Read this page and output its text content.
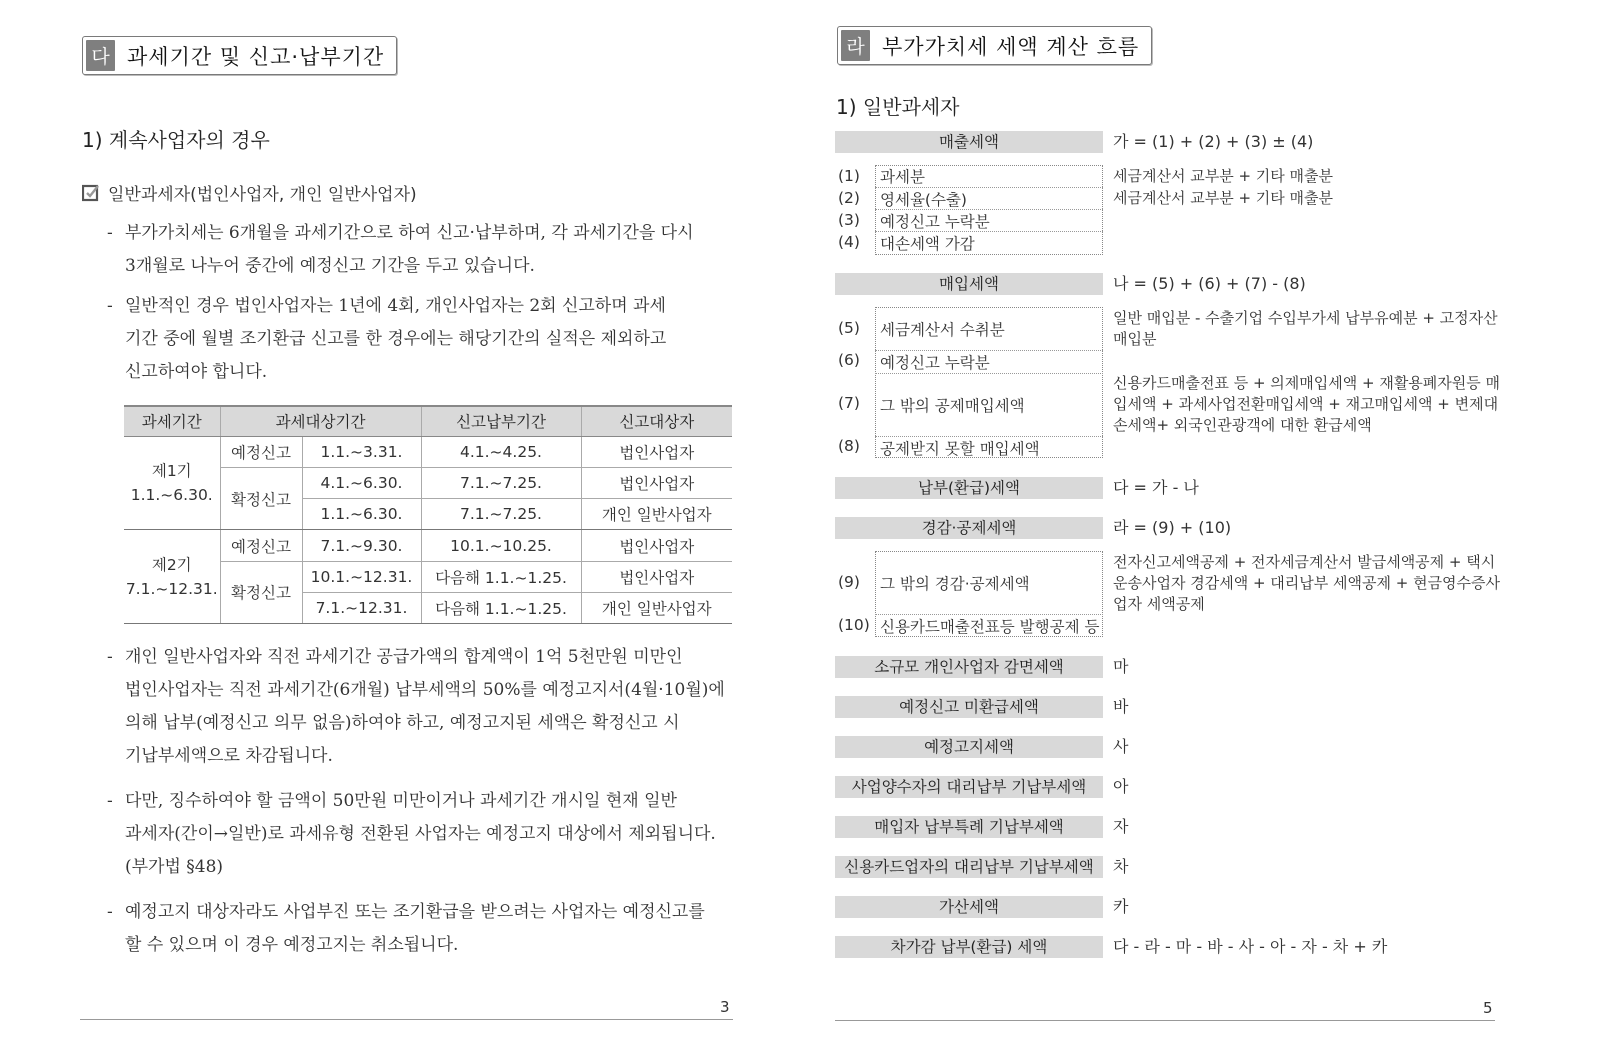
다 과세기간 및 신고·납부기간
1) 계속사업자의 경우
일반과세자(법인사업자, 개인 일반사업자)
- 부가가치세는 6개월을 과세기간으로 하여 신고·납부하며, 각 과세기간을 다시
3개월로 나누어 중간에 예정신고 기간을 두고 있습니다.
- 일반적인 경우 법인사업자는 1년에 4회, 개인사업자는 2회 신고하며 과세
기간 중에 월별 조기환급 신고를 한 경우에는 해당기간의 실적은 제외하고
신고하여야 합니다.
과세기간	과세대상기간		신고납부기간	신고대상자

제1기
1.1.~6.30.	예정신고	1.1.~3.31.	4.1.~4.25.	법인사업자
	확정신고	4.1.~6.30.	7.1.~7.25.	법인사업자
		1.1.~6.30.	7.1.~7.25.	개인 일반사업자

제2기
7.1.~12.31.	예정신고	7.1.~9.30.	10.1.~10.25.	법인사업자
	확정신고	10.1.~12.31.	다음해 1.1.~1.25.	법인사업자
		7.1.~12.31.	다음해 1.1.~1.25.	개인 일반사업자
- 개인 일반사업자와 직전 과세기간 공급가액의 합계액이 1억 5천만원 미만인
법인사업자는 직전 과세기간(6개월) 납부세액의 50%를 예정고지서(4월·10월)에
의해 납부(예정신고 의무 없음)하여야 하고, 예정고지된 세액은 확정신고 시
기납부세액으로 차감됩니다.
- 다만, 징수하여야 할 금액이 50만원 미만이거나 과세기간 개시일 현재 일반
과세자(간이→일반)로 과세유형 전환된 사업자는 예정고지 대상에서 제외됩니다.
(부가법 §48)
- 예정고지 대상자라도 사업부진 또는 조기환급을 받으려는 사업자는 예정신고를
할 수 있으며 이 경우 예정고지는 취소됩니다.
3
라 부가가치세 세액 계산 흐름
1) 일반과세자
매출세액	가 = (1) + (2) + (3) ± (4)
(1)	과세분	세금계산서 교부분 + 기타 매출분
(2)	영세율(수출)	세금계산서 교부분 + 기타 매출분
(3)	예정신고 누락분
(4)	대손세액 가감
매입세액	나 = (5) + (6) + (7) - (8)
(5)	세금계산서 수취분
일반 매입분 - 수출기업 수입부가세 납부유예분 + 고정자산 매입분
(6)	예정신고 누락분
(7)	그 밖의 공제매입세액
신용카드매출전표 등 + 의제매입세액 + 재활용폐자원등 매입세액 + 과세사업전환매입세액 + 재고매입세액 + 변제대손세액+ 외국인관광객에 대한 환급세액
(8)	공제받지 못할 매입세액
납부(환급)세액	다 = 가 - 나
경감·공제세액	라 = (9) + (10)
(9)	그 밖의 경감·공제세액
전자신고세액공제 + 전자세금계산서 발급세액공제 + 택시운송사업자 경감세액 + 대리납부 세액공제 + 현금영수증사업자 세액공제
(10) 신용카드매출전표등 발행공제 등
소규모 개인사업자 감면세액	마
예정신고 미환급세액	바
예정고지세액	사
사업양수자의 대리납부 기납부세액	아
매입자 납부특례 기납부세액	자
신용카드업자의 대리납부 기납부세액	차
가산세액	카
차가감 납부(환급) 세액	다 - 라 - 마 - 바 - 사 - 아 - 자 - 차 + 카
5
